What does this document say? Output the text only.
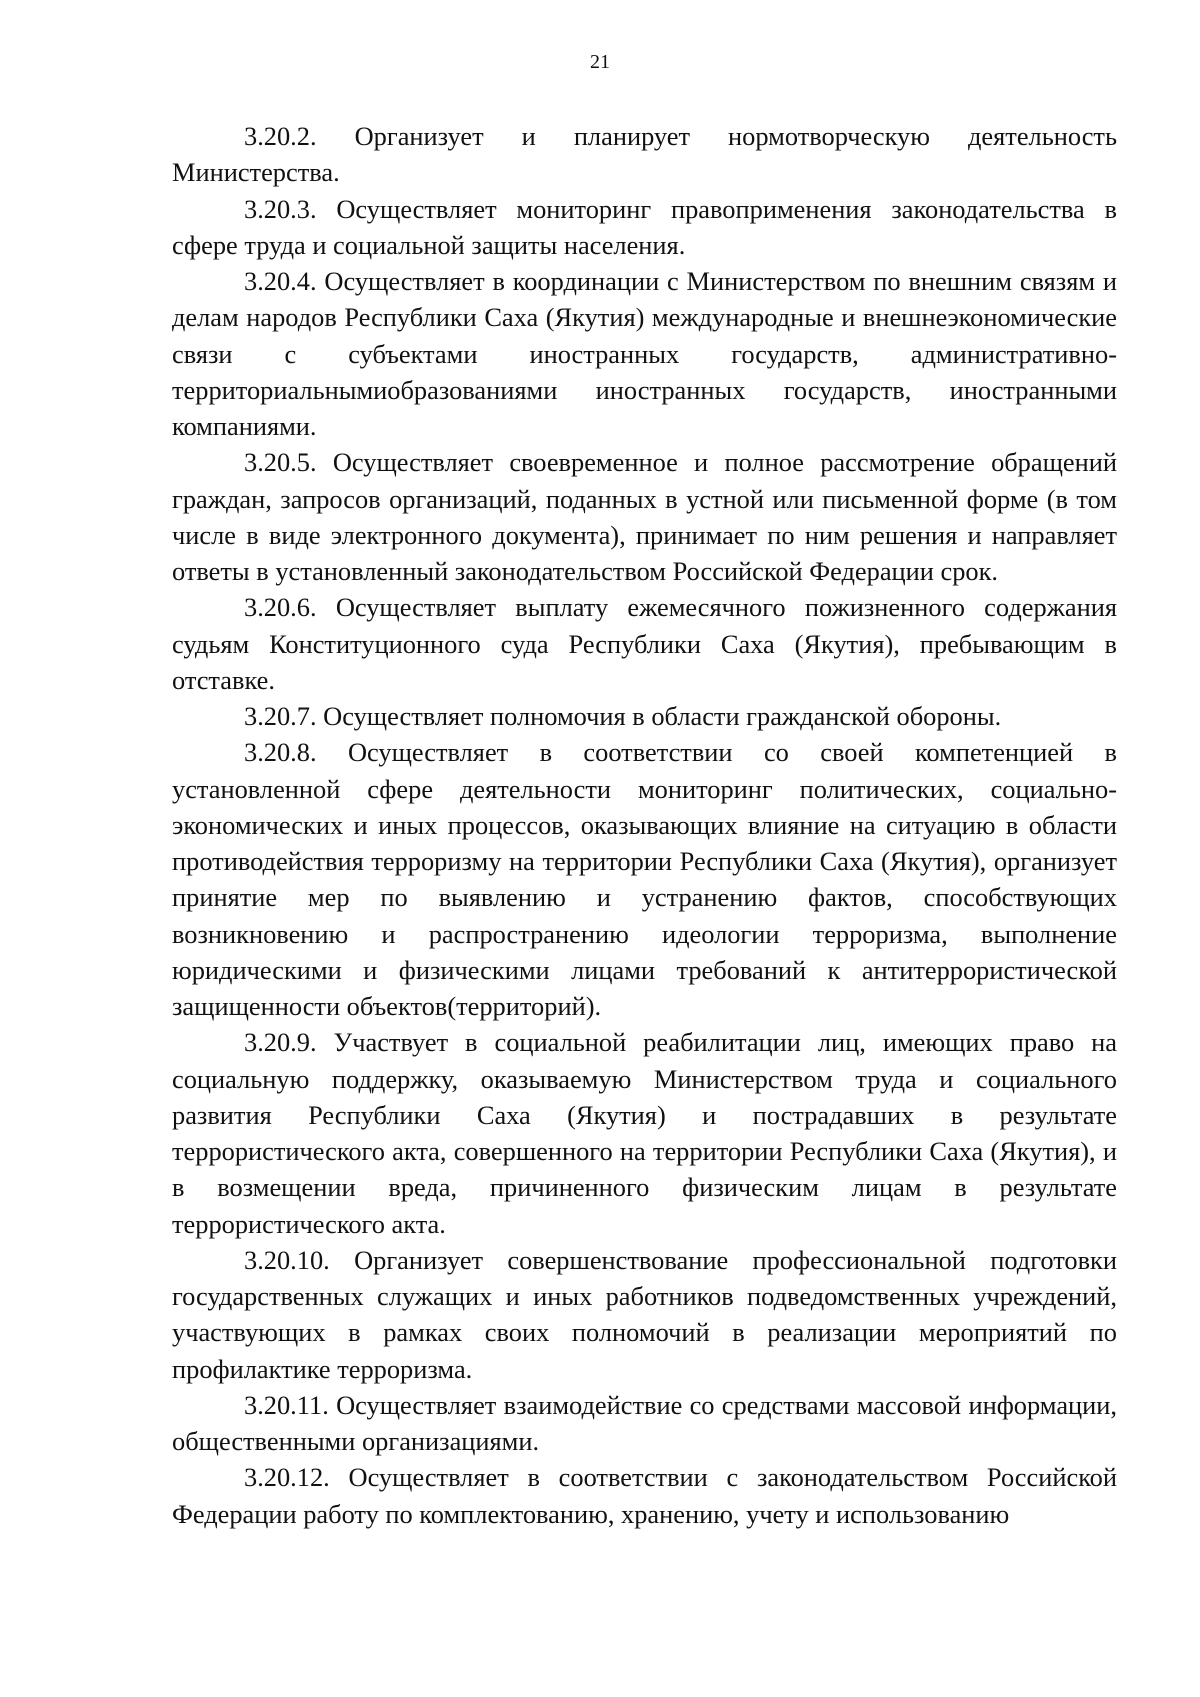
21

3.20.2. Организует и планирует нормотворческую деятельность Министерства.

3.20.3. Осуществляет мониторинг правоприменения законодательства в сфере труда и социальной защиты населения.

3.20.4. Осуществляет в координации с Министерством по внешним связям и делам народов Республики Саха (Якутия) международные и внешнеэкономические связи с субъектами иностранных государств, административно-территориальнымиобразованиями иностранных государств, иностранными компаниями.

3.20.5. Осуществляет своевременное и полное рассмотрение обращений граждан, запросов организаций, поданных в устной или письменной форме (в том числе в виде электронного документа), принимает по ним решения и направляет ответы в установленный законодательством Российской Федерации срок.

3.20.6. Осуществляет выплату ежемесячного пожизненного содержания судьям Конституционного суда Республики Саха (Якутия), пребывающим в отставке.

3.20.7. Осуществляет полномочия в области гражданской обороны.

3.20.8. Осуществляет в соответствии со своей компетенцией в установленной сфере деятельности мониторинг политических, социально-экономических и иных процессов, оказывающих влияние на ситуацию в области противодействия терроризму на территории Республики Саха (Якутия), организует принятие мер по выявлению и устранению фактов, способствующих возникновению и распространению идеологии терроризма, выполнение юридическими и физическими лицами требований к антитеррористической защищенности объектов(территорий).

3.20.9. Участвует в социальной реабилитации лиц, имеющих право на социальную поддержку, оказываемую Министерством труда и социального развития Республики Саха (Якутия) и пострадавших в результате террористического акта, совершенного на территории Республики Саха (Якутия), и в возмещении вреда, причиненного физическим лицам в результате террористического акта.

3.20.10. Организует совершенствование профессиональной подготовки государственных служащих и иных работников подведомственных учреждений, участвующих в рамках своих полномочий в реализации мероприятий по профилактике терроризма.

3.20.11. Осуществляет взаимодействие со средствами массовой информации, общественными организациями.

3.20.12. Осуществляет в соответствии с законодательством Российской Федерации работу по комплектованию, хранению, учету и использованию
